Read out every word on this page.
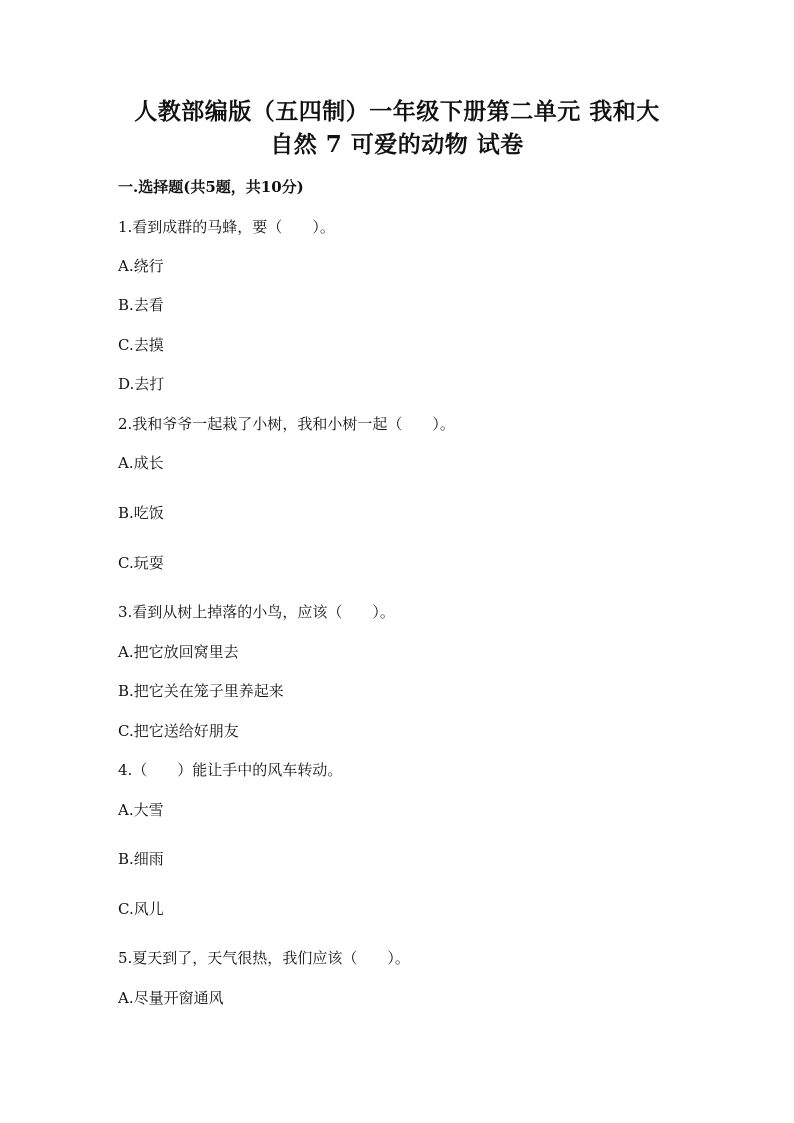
人教部编版（五四制）一年级下册第二单元 我和大
自然 7 可爱的动物 试卷
一.选择题(共5题，共10分)
1.看到成群的马蜂，要（　　）。
A.绕行
B.去看
C.去摸
D.去打
2.我和爷爷一起栽了小树，我和小树一起（　　）。
A.成长
B.吃饭
C.玩耍
3.看到从树上掉落的小鸟，应该（　　）。
A.把它放回窝里去
B.把它关在笼子里养起来
C.把它送给好朋友
4.（　　）能让手中的风车转动。
A.大雪
B.细雨
C.风儿
5.夏天到了，天气很热，我们应该（　　）。
A.尽量开窗通风
